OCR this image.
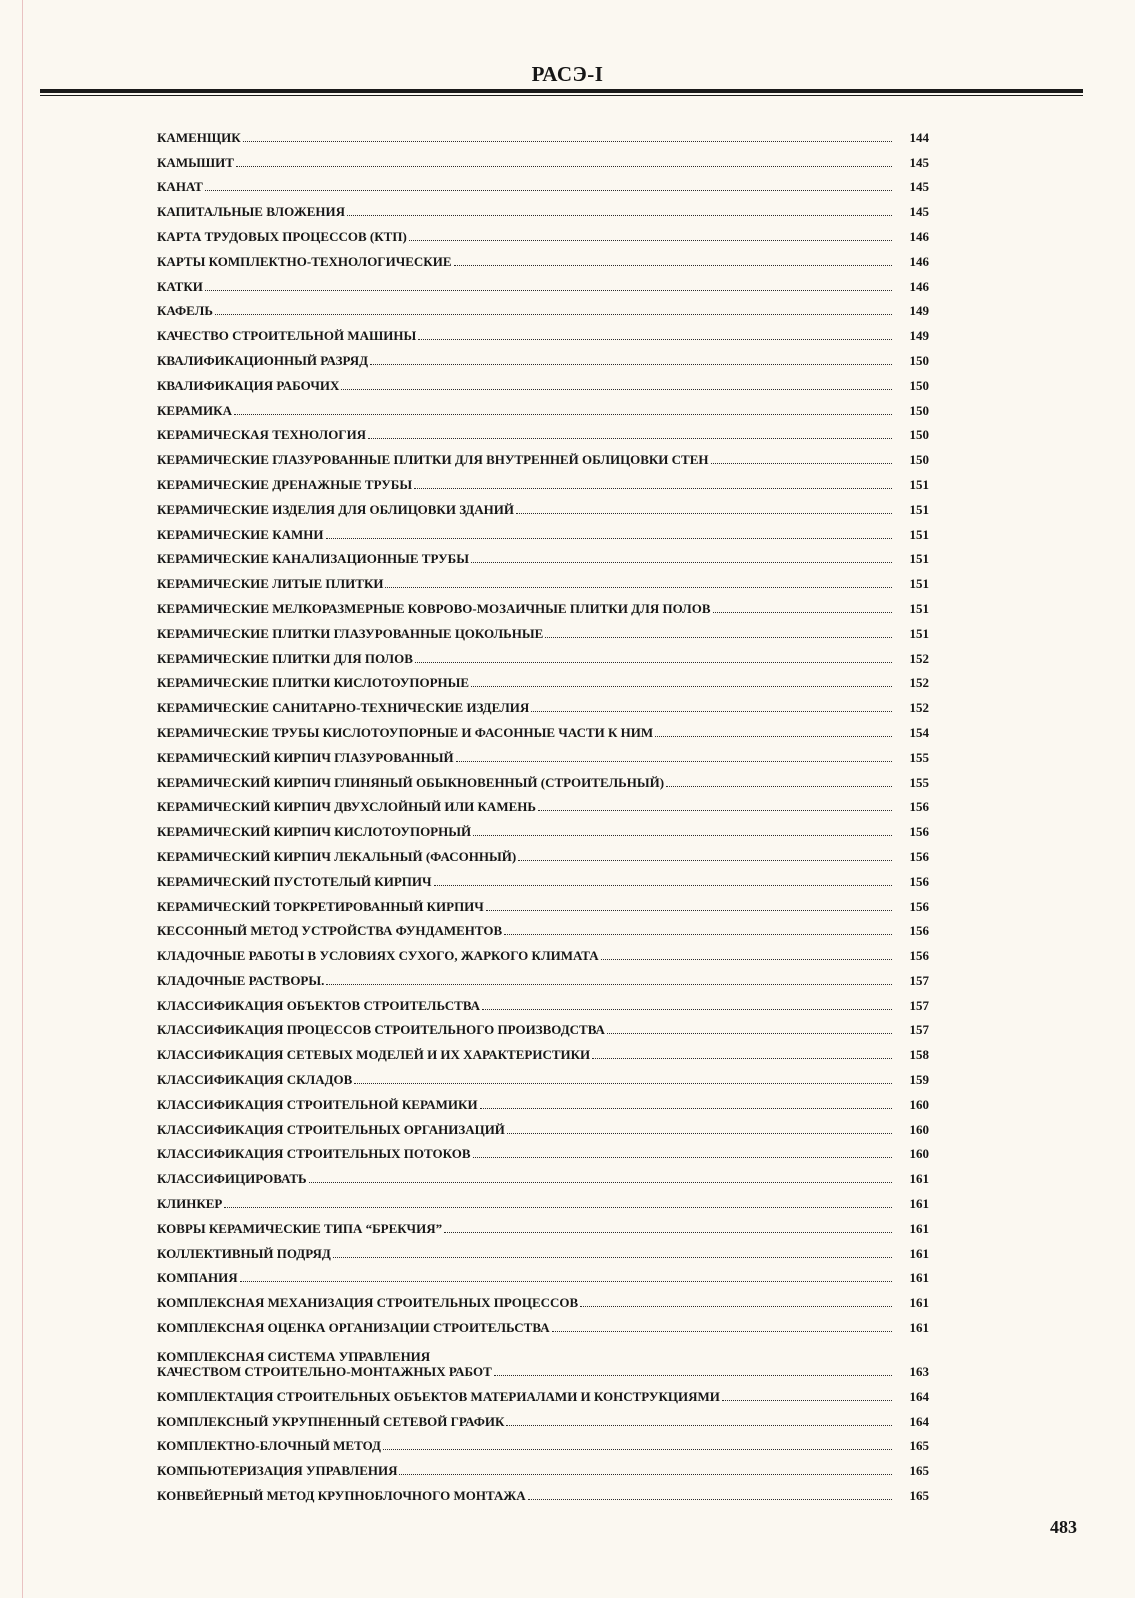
РАСЭ-I
КАМЕНЩИК	144
КАМЫШИТ	145
КАНАТ	145
КАПИТАЛЬНЫЕ ВЛОЖЕНИЯ	145
КАРТА ТРУДОВЫХ ПРОЦЕССОВ (КТП)	146
КАРТЫ КОМПЛЕКТНО-ТЕХНОЛОГИЧЕСКИЕ	146
КАТКИ	146
КАФЕЛЬ	149
КАЧЕСТВО СТРОИТЕЛЬНОЙ МАШИНЫ	149
КВАЛИФИКАЦИОННЫЙ РАЗРЯД	150
КВАЛИФИКАЦИЯ РАБОЧИХ	150
КЕРАМИКА	150
КЕРАМИЧЕСКАЯ ТЕХНОЛОГИЯ	150
КЕРАМИЧЕСКИЕ ГЛАЗУРОВАННЫЕ ПЛИТКИ ДЛЯ ВНУТРЕННЕЙ ОБЛИЦОВКИ СТЕН	150
КЕРАМИЧЕСКИЕ ДРЕНАЖНЫЕ ТРУБЫ	151
КЕРАМИЧЕСКИЕ ИЗДЕЛИЯ ДЛЯ ОБЛИЦОВКИ ЗДАНИЙ	151
КЕРАМИЧЕСКИЕ КАМНИ	151
КЕРАМИЧЕСКИЕ КАНАЛИЗАЦИОННЫЕ ТРУБЫ	151
КЕРАМИЧЕСКИЕ ЛИТЫЕ ПЛИТКИ	151
КЕРАМИЧЕСКИЕ МЕЛКОРАЗМЕРНЫЕ КОВРОВО-МОЗАИЧНЫЕ ПЛИТКИ ДЛЯ ПОЛОВ	151
КЕРАМИЧЕСКИЕ ПЛИТКИ ГЛАЗУРОВАННЫЕ ЦОКОЛЬНЫЕ	151
КЕРАМИЧЕСКИЕ ПЛИТКИ ДЛЯ ПОЛОВ	152
КЕРАМИЧЕСКИЕ ПЛИТКИ КИСЛОТОУПОРНЫЕ	152
КЕРАМИЧЕСКИЕ САНИТАРНО-ТЕХНИЧЕСКИЕ ИЗДЕЛИЯ	152
КЕРАМИЧЕСКИЕ ТРУБЫ КИСЛОТОУПОРНЫЕ И ФАСОННЫЕ ЧАСТИ К НИМ	154
КЕРАМИЧЕСКИЙ КИРПИЧ ГЛАЗУРОВАННЫЙ	155
КЕРАМИЧЕСКИЙ КИРПИЧ ГЛИНЯНЫЙ ОБЫКНОВЕННЫЙ (СТРОИТЕЛЬНЫЙ)	155
КЕРАМИЧЕСКИЙ КИРПИЧ ДВУХСЛОЙНЫЙ ИЛИ КАМЕНЬ	156
КЕРАМИЧЕСКИЙ КИРПИЧ КИСЛОТОУПОРНЫЙ	156
КЕРАМИЧЕСКИЙ КИРПИЧ ЛЕКАЛЬНЫЙ (ФАСОННЫЙ)	156
КЕРАМИЧЕСКИЙ ПУСТОТЕЛЫЙ КИРПИЧ	156
КЕРАМИЧЕСКИЙ ТОРКРЕТИРОВАННЫЙ КИРПИЧ	156
КЕССОННЫЙ МЕТОД УСТРОЙСТВА ФУНДАМЕНТОВ	156
КЛАДОЧНЫЕ РАБОТЫ В УСЛОВИЯХ СУХОГО, ЖАРКОГО КЛИМАТА	156
КЛАДОЧНЫЕ РАСТВОРЫ.	157
КЛАССИФИКАЦИЯ ОБЪЕКТОВ СТРОИТЕЛЬСТВА	157
КЛАССИФИКАЦИЯ ПРОЦЕССОВ СТРОИТЕЛЬНОГО ПРОИЗВОДСТВА	157
КЛАССИФИКАЦИЯ СЕТЕВЫХ МОДЕЛЕЙ И ИХ ХАРАКТЕРИСТИКИ	158
КЛАССИФИКАЦИЯ СКЛАДОВ	159
КЛАССИФИКАЦИЯ СТРОИТЕЛЬНОЙ КЕРАМИКИ	160
КЛАССИФИКАЦИЯ СТРОИТЕЛЬНЫХ ОРГАНИЗАЦИЙ	160
КЛАССИФИКАЦИЯ СТРОИТЕЛЬНЫХ ПОТОКОВ	160
КЛАССИФИЦИРОВАТЬ	161
КЛИНКЕР	161
КОВРЫ КЕРАМИЧЕСКИЕ ТИПА “БРЕКЧИЯ”	161
КОЛЛЕКТИВНЫЙ ПОДРЯД	161
КОМПАНИЯ	161
КОМПЛЕКСНАЯ МЕХАНИЗАЦИЯ СТРОИТЕЛЬНЫХ ПРОЦЕССОВ	161
КОМПЛЕКСНАЯ ОЦЕНКА ОРГАНИЗАЦИИ СТРОИТЕЛЬСТВА	161
КОМПЛЕКСНАЯ СИСТЕМА УПРАВЛЕНИЯ
КАЧЕСТВОМ СТРОИТЕЛЬНО-МОНТАЖНЫХ РАБОТ	163
КОМПЛЕКТАЦИЯ СТРОИТЕЛЬНЫХ ОБЪЕКТОВ МАТЕРИАЛАМИ И КОНСТРУКЦИЯМИ	164
КОМПЛЕКСНЫЙ УКРУПНЕННЫЙ СЕТЕВОЙ ГРАФИК	164
КОМПЛЕКТНО-БЛОЧНЫЙ МЕТОД	165
КОМПЬЮТЕРИЗАЦИЯ УПРАВЛЕНИЯ	165
КОНВЕЙЕРНЫЙ МЕТОД КРУПНОБЛОЧНОГО МОНТАЖА	165
483
